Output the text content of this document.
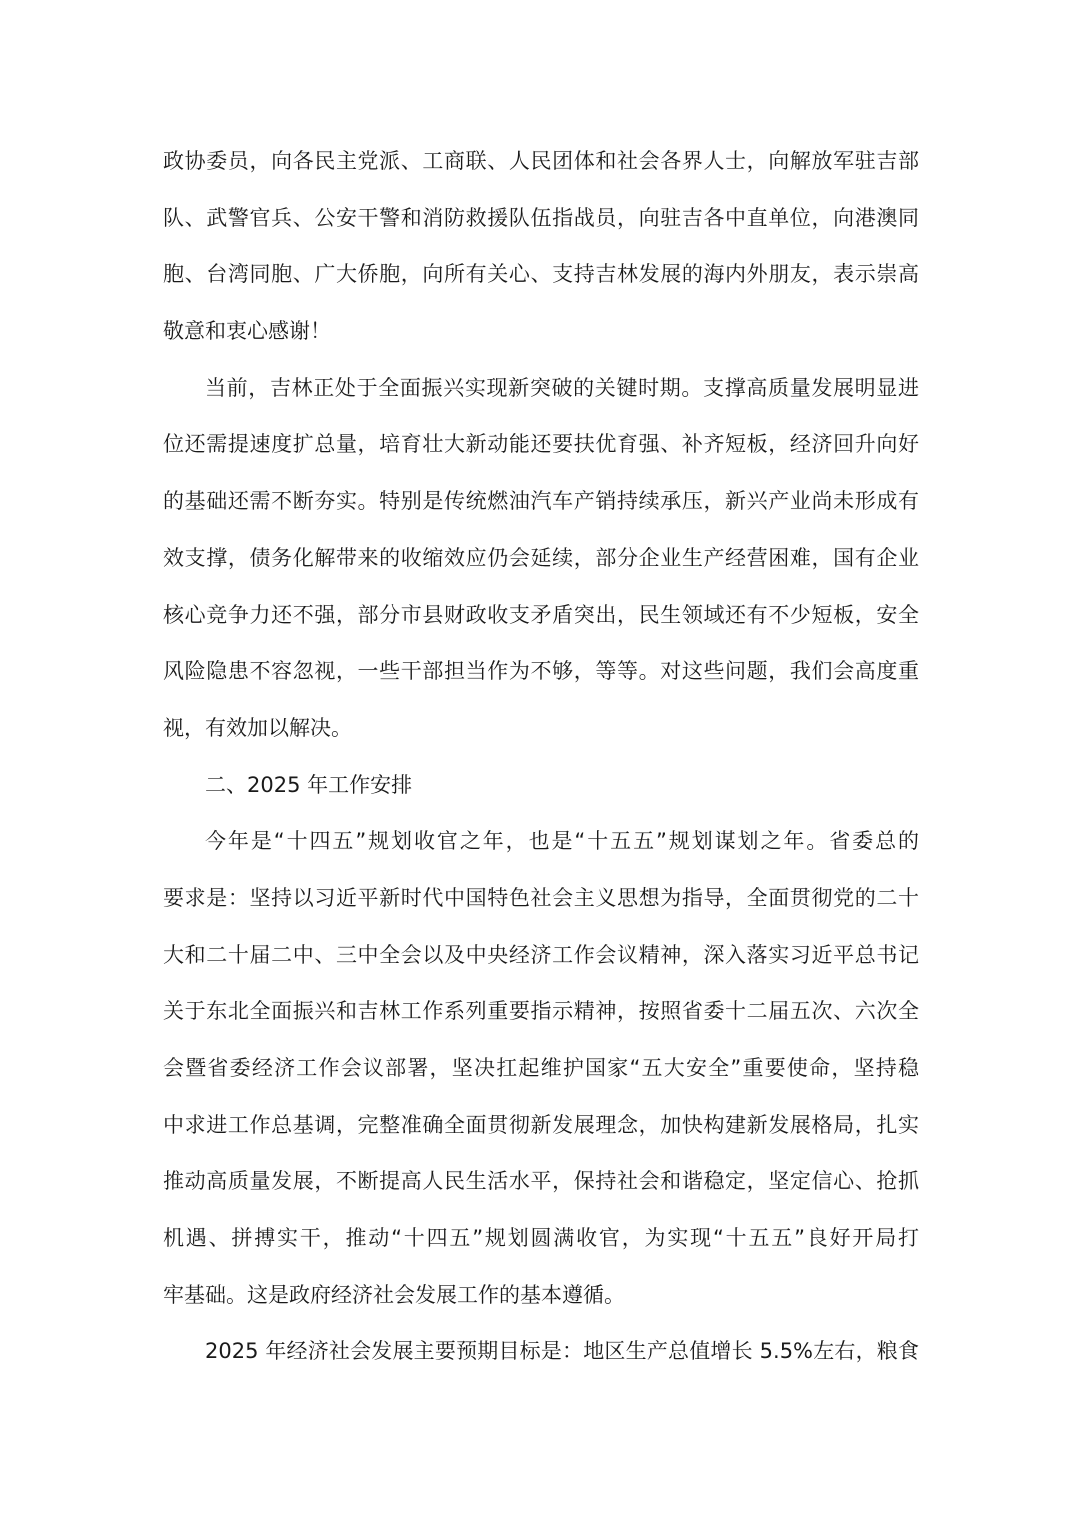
政协委员，向各民主党派、工商联、人民团体和社会各界人士，向解放军驻吉部
队、武警官兵、公安干警和消防救援队伍指战员，向驻吉各中直单位，向港澳同
胞、台湾同胞、广大侨胞，向所有关心、支持吉林发展的海内外朋友，表示崇高
敬意和衷心感谢！
当前，吉林正处于全面振兴实现新突破的关键时期。支撑高质量发展明显进
位还需提速度扩总量，培育壮大新动能还要扶优育强、补齐短板，经济回升向好
的基础还需不断夯实。特别是传统燃油汽车产销持续承压，新兴产业尚未形成有
效支撑，债务化解带来的收缩效应仍会延续，部分企业生产经营困难，国有企业
核心竞争力还不强，部分市县财政收支矛盾突出，民生领域还有不少短板，安全
风险隐患不容忽视，一些干部担当作为不够，等等。对这些问题，我们会高度重
视，有效加以解决。
二、2025 年工作安排
今年是“十四五”规划收官之年，也是“十五五”规划谋划之年。省委总的
要求是：坚持以习近平新时代中国特色社会主义思想为指导，全面贯彻党的二十
大和二十届二中、三中全会以及中央经济工作会议精神，深入落实习近平总书记
关于东北全面振兴和吉林工作系列重要指示精神，按照省委十二届五次、六次全
会暨省委经济工作会议部署，坚决扛起维护国家“五大安全”重要使命，坚持稳
中求进工作总基调，完整准确全面贯彻新发展理念，加快构建新发展格局，扎实
推动高质量发展，不断提高人民生活水平，保持社会和谐稳定，坚定信心、抢抓
机遇、拼搏实干，推动“十四五”规划圆满收官，为实现“十五五”良好开局打
牢基础。这是政府经济社会发展工作的基本遵循。
2025 年经济社会发展主要预期目标是：地区生产总值增长 5.5%左右，粮食
